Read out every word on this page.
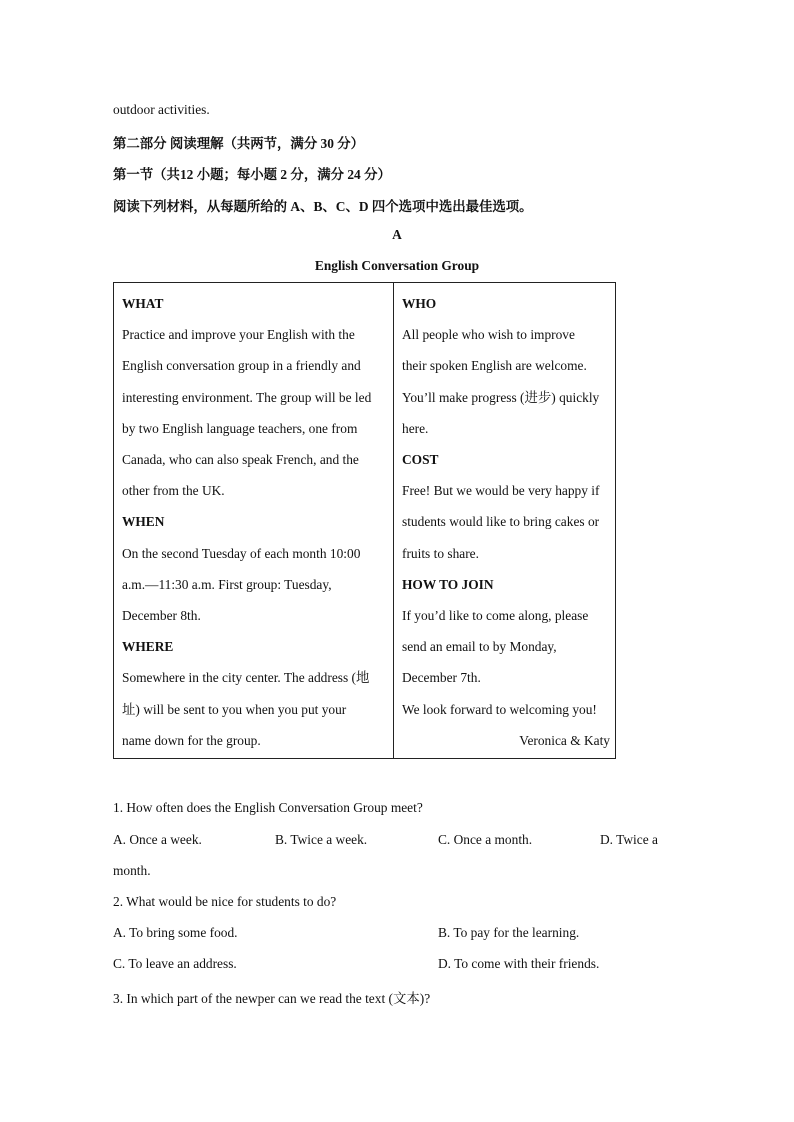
outdoor activities.
第二部分 阅读理解（共两节，满分 30 分）
第一节（共12 小题；每小题 2 分，满分 24 分）
阅读下列材料，从每题所给的 A、B、C、D 四个选项中选出最佳选项。
A
English Conversation Group
WHAT
Practice and improve your English with the
English conversation group in a friendly and
interesting environment. The group will be led
by two English language teachers, one from
Canada, who can also speak French, and the
other from the UK.
WHEN
On the second Tuesday of each month 10:00
a.m.—11:30 a.m. First group: Tuesday,
December 8th.
WHERE
Somewhere in the city center. The address (地
址) will be sent to you when you put your
name down for the group.
WHO
All people who wish to improve
their spoken English are welcome.
You’ll make progress (进步) quickly
here.
COST
Free! But we would be very happy if
students would like to bring cakes or
fruits to share.
HOW TO JOIN
If you’d like to come along, please
send an email to by Monday,
December 7th.
We look forward to welcoming you!
Veronica & Katy
1. How often does the English Conversation Group meet?
A. Once a week.	B. Twice a week.	C. Once a month.	D. Twice a
month.
2. What would be nice for students to do?
A. To bring some food.	B. To pay for the learning.
C. To leave an address.	D. To come with their friends.
3. In which part of the newper can we read the text (文本)?
